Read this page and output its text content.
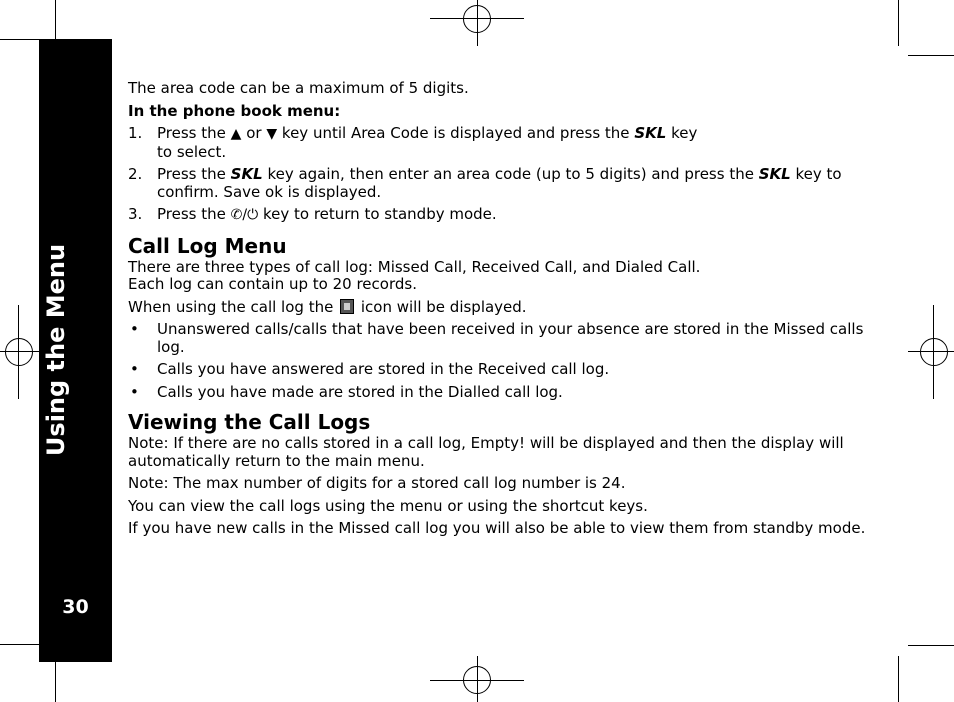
Using the Menu
30

The area code can be a maximum of 5 digits.

In the phone book menu:

1. Press the ▲ or ▼ key until Area Code is displayed and press the SKL key
to select.
2. Press the SKL key again, then enter an area code (up to 5 digits) and press the SKL key to confirm. Save ok is displayed.
3. Press the ✆/⏻ key to return to standby mode.
Call Log Menu

There are three types of call log: Missed Call, Received Call, and Dialed Call.

Each log can contain up to 20 records.

When using the call log the icon will be displayed.

• Unanswered calls/calls that have been received in your absence are stored in the Missed calls log.
• Calls you have answered are stored in the Received call log.
• Calls you have made are stored in the Dialled call log.
Viewing the Call Logs

Note: If there are no calls stored in a call log, Empty! will be displayed and then the display will automatically return to the main menu.

Note: The max number of digits for a stored call log number is 24.

You can view the call logs using the menu or using the shortcut keys.

If you have new calls in the Missed call log you will also be able to view them from standby mode.
